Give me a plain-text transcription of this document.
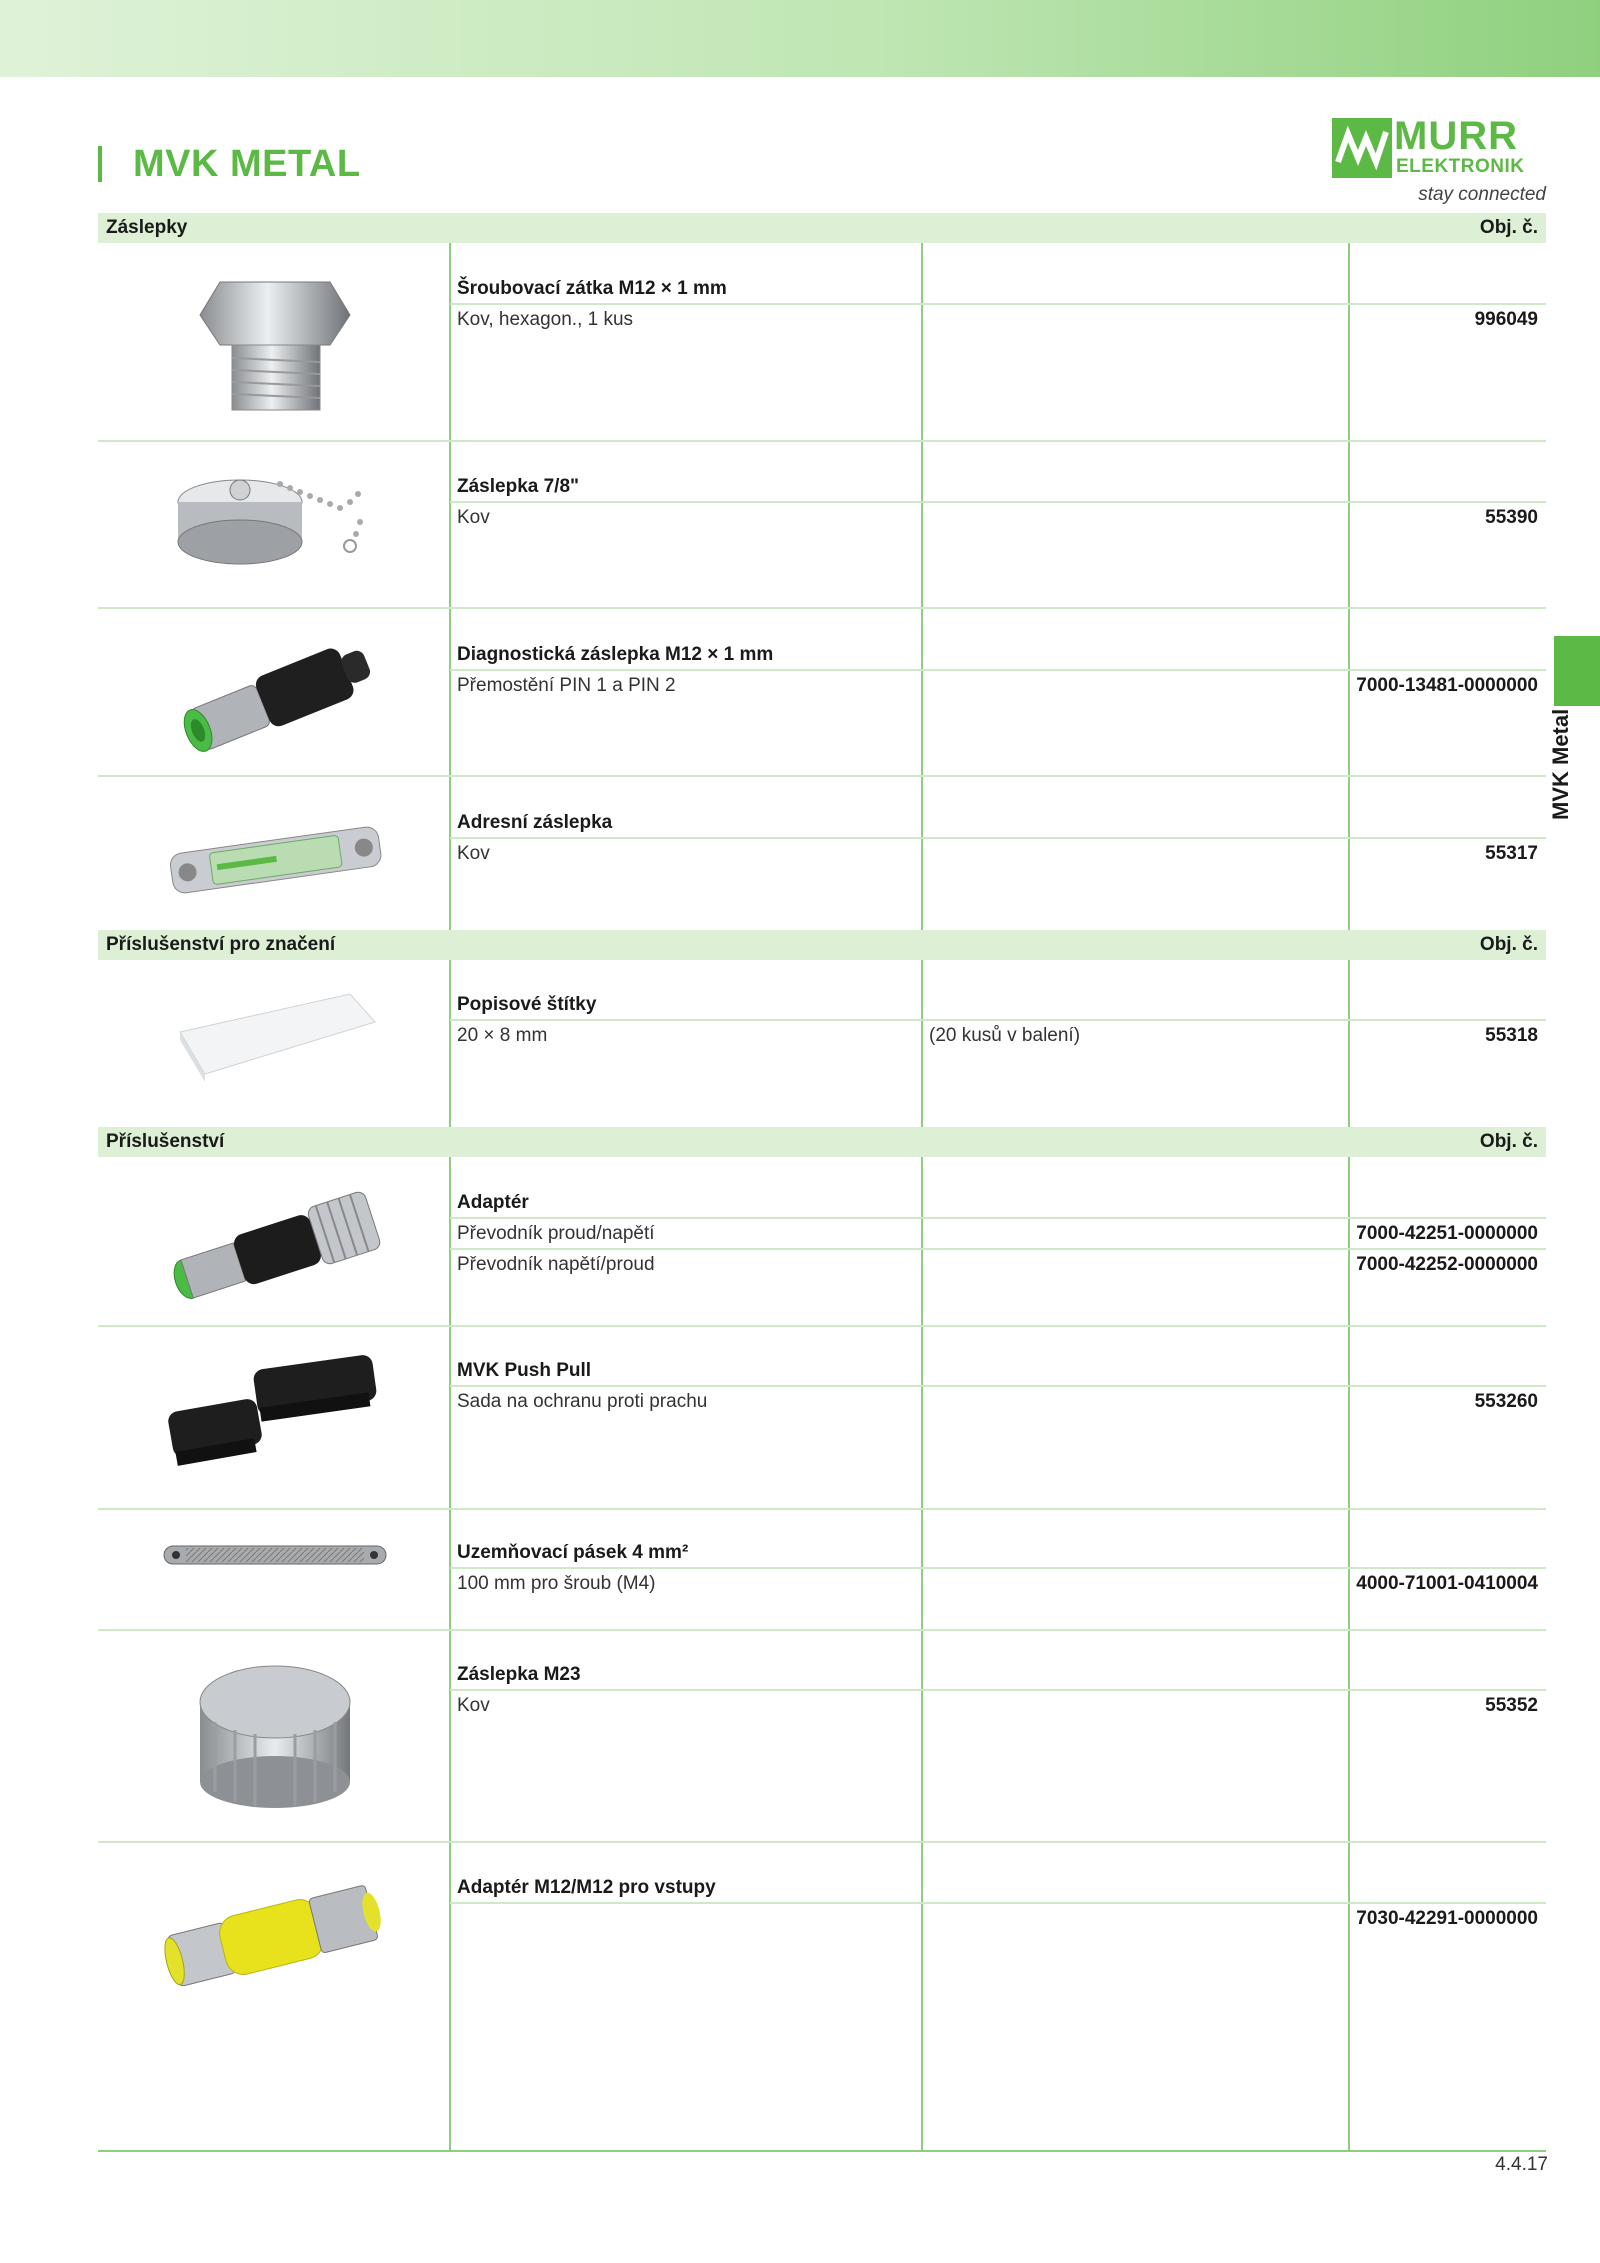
MVK METAL
MURR
ELEKTRONIK
stay connected
MVK Metal
Záslepky	Obj. č.
Šroubovací zátka M12 × 1 mm
Kov, hexagon., 1 kus	996049
Záslepka 7/8"
Kov	55390
Diagnostická záslepka M12 × 1 mm
Přemostění PIN 1 a PIN 2	7000-13481-0000000
Adresní záslepka
Kov	55317
Příslušenství pro značení	Obj. č.
Popisové štítky
20 × 8 mm	(20 kusů v balení)	55318
Příslušenství	Obj. č.
Adaptér
Převodník proud/napětí	7000-42251-0000000
Převodník napětí/proud	7000-42252-0000000
MVK Push Pull
Sada na ochranu proti prachu	553260
Uzemňovací pásek 4 mm²
100 mm pro šroub (M4)	4000-71001-0410004
Záslepka M23
Kov	55352
Adaptér M12/M12 pro vstupy
7030-42291-0000000
4.4.17
